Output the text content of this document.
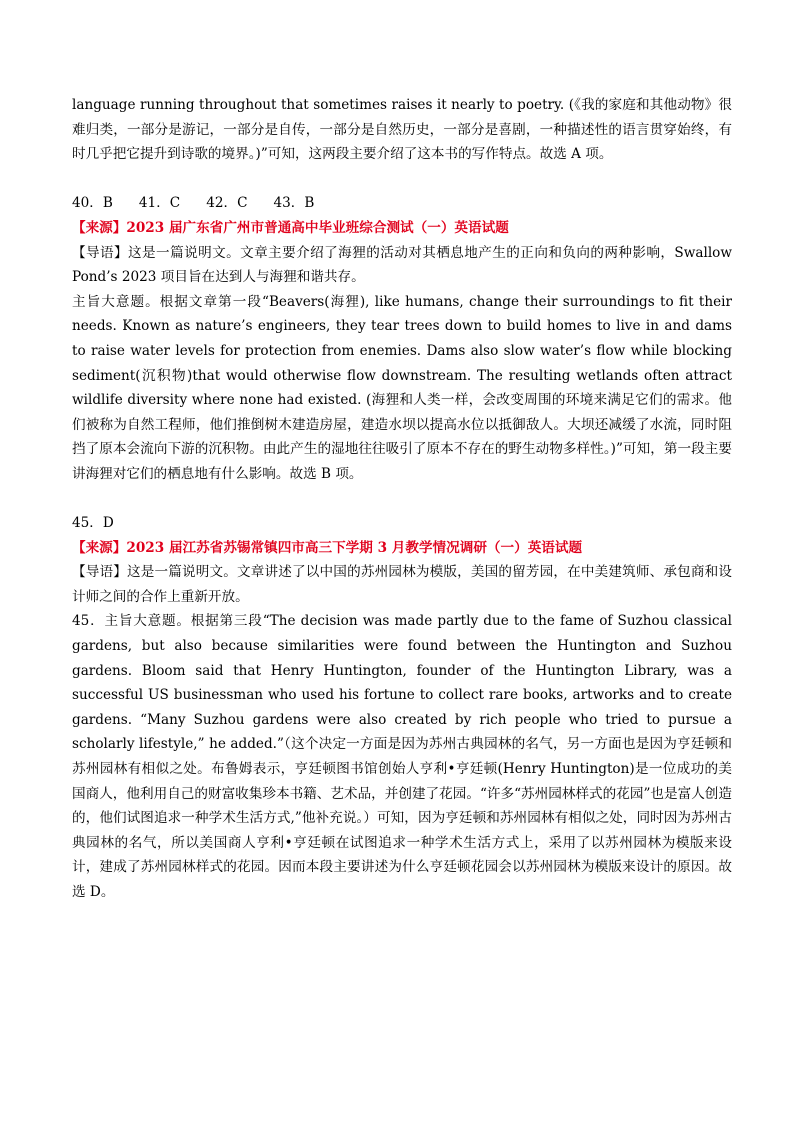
language running throughout that sometimes raises it nearly to poetry. (《我的家庭和其他动物》很难归类，一部分是游记，一部分是自传，一部分是自然历史，一部分是喜剧，一种描述性的语言贯穿始终，有时几乎把它提升到诗歌的境界。)”可知，这两段主要介绍了这本书的写作特点。故选 A 项。

40．B 41．C 42．C 43．B

【来源】2023 届广东省广州市普通高中毕业班综合测试（一）英语试题

【导语】这是一篇说明文。文章主要介绍了海狸的活动对其栖息地产生的正向和负向的两种影响，Swallow Pond’s 2023 项目旨在达到人与海狸和谐共存。

主旨大意题。根据文章第一段“Beavers(海狸), like humans, change their surroundings to fit their needs. Known as nature’s engineers, they tear trees down to build homes to live in and dams to raise water levels for protection from enemies. Dams also slow water’s flow while blocking sediment(沉积物)that would otherwise flow downstream. The resulting wetlands often attract wildlife diversity where none had existed. (海狸和人类一样，会改变周围的环境来满足它们的需求。他们被称为自然工程师，他们推倒树木建造房屋，建造水坝以提高水位以抵御敌人。大坝还减缓了水流，同时阻挡了原本会流向下游的沉积物。由此产生的湿地往往吸引了原本不存在的野生动物多样性。)”可知，第一段主要讲海狸对它们的栖息地有什么影响。故选 B 项。

45．D

【来源】2023 届江苏省苏锡常镇四市高三下学期 3 月教学情况调研（一）英语试题

【导语】这是一篇说明文。文章讲述了以中国的苏州园林为模版，美国的留芳园，在中美建筑师、承包商和设计师之间的合作上重新开放。

45．主旨大意题。根据第三段“The decision was made partly due to the fame of Suzhou classical gardens, but also because similarities were found between the Huntington and Suzhou gardens. Bloom said that Henry Huntington, founder of the Huntington Library, was a successful US businessman who used his fortune to collect rare books, artworks and to create gardens. “Many Suzhou gardens were also created by rich people who tried to pursue a scholarly lifestyle,” he added.”（这个决定一方面是因为苏州古典园林的名气，另一方面也是因为亨廷顿和苏州园林有相似之处。布鲁姆表示，亨廷顿图书馆创始人亨利•亨廷顿(Henry Huntington)是一位成功的美国商人，他利用自己的财富收集珍本书籍、艺术品，并创建了花园。“许多“苏州园林样式的花园”也是富人创造的，他们试图追求一种学术生活方式,”他补充说。）可知，因为亨廷顿和苏州园林有相似之处，同时因为苏州古典园林的名气，所以美国商人亨利•亨廷顿在试图追求一种学术生活方式上，采用了以苏州园林为模版来设计，建成了苏州园林样式的花园。因而本段主要讲述为什么亨廷顿花园会以苏州园林为模版来设计的原因。故选 D。
